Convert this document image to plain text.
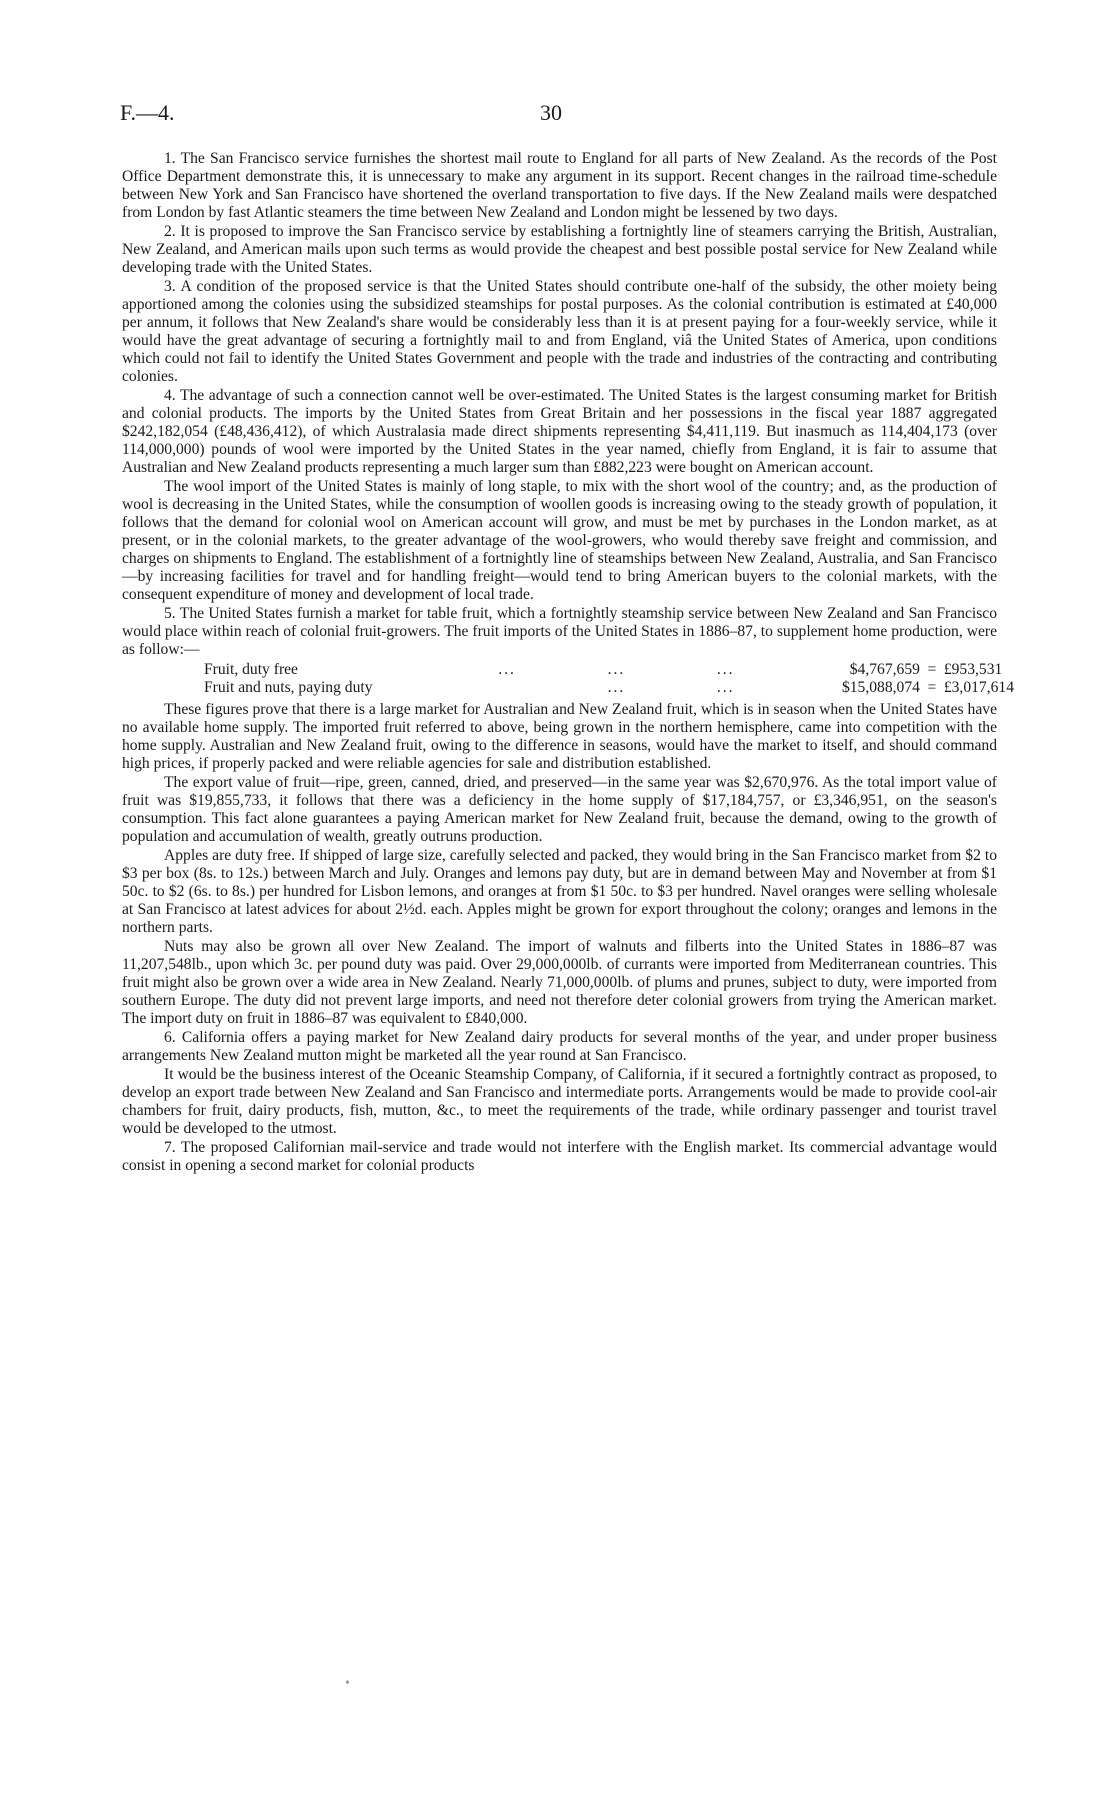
F.—4.	30

1. The San Francisco service furnishes the shortest mail route to England for all parts of New Zealand. As the records of the Post Office Department demonstrate this, it is unnecessary to make any argument in its support. Recent changes in the railroad time-schedule between New York and San Francisco have shortened the overland transportation to five days. If the New Zealand mails were despatched from London by fast Atlantic steamers the time between New Zealand and London might be lessened by two days.

2. It is proposed to improve the San Francisco service by establishing a fortnightly line of steamers carrying the British, Australian, New Zealand, and American mails upon such terms as would provide the cheapest and best possible postal service for New Zealand while developing trade with the United States.

3. A condition of the proposed service is that the United States should contribute one-half of the subsidy, the other moiety being apportioned among the colonies using the subsidized steamships for postal purposes. As the colonial contribution is estimated at £40,000 per annum, it follows that New Zealand's share would be considerably less than it is at present paying for a four-weekly service, while it would have the great advantage of securing a fortnightly mail to and from England, viâ the United States of America, upon conditions which could not fail to identify the United States Government and people with the trade and industries of the contracting and contributing colonies.

4. The advantage of such a connection cannot well be over-estimated. The United States is the largest consuming market for British and colonial products. The imports by the United States from Great Britain and her possessions in the fiscal year 1887 aggregated $242,182,054 (£48,436,412), of which Australasia made direct shipments representing $4,411,119. But inasmuch as 114,404,173 (over 114,000,000) pounds of wool were imported by the United States in the year named, chiefly from England, it is fair to assume that Australian and New Zealand products representing a much larger sum than £882,223 were bought on American account.

The wool import of the United States is mainly of long staple, to mix with the short wool of the country; and, as the production of wool is decreasing in the United States, while the consumption of woollen goods is increasing owing to the steady growth of population, it follows that the demand for colonial wool on American account will grow, and must be met by purchases in the London market, as at present, or in the colonial markets, to the greater advantage of the wool-growers, who would thereby save freight and commission, and charges on shipments to England. The establishment of a fortnightly line of steamships between New Zealand, Australia, and San Francisco—by increasing facilities for travel and for handling freight—would tend to bring American buyers to the colonial markets, with the consequent expenditure of money and development of local trade.

5. The United States furnish a market for table fruit, which a fortnightly steamship service between New Zealand and San Francisco would place within reach of colonial fruit-growers. The fruit imports of the United States in 1886–87, to supplement home production, were as follow:—

Fruit, duty free	...	...	...	$4,767,659	=	£953,531
Fruit and nuts, paying duty		...	...	$15,088,074	=	£3,017,614

These figures prove that there is a large market for Australian and New Zealand fruit, which is in season when the United States have no available home supply. The imported fruit referred to above, being grown in the northern hemisphere, came into competition with the home supply. Australian and New Zealand fruit, owing to the difference in seasons, would have the market to itself, and should command high prices, if properly packed and were reliable agencies for sale and distribution established.

The export value of fruit—ripe, green, canned, dried, and preserved—in the same year was $2,670,976. As the total import value of fruit was $19,855,733, it follows that there was a deficiency in the home supply of $17,184,757, or £3,346,951, on the season's consumption. This fact alone guarantees a paying American market for New Zealand fruit, because the demand, owing to the growth of population and accumulation of wealth, greatly outruns production.

Apples are duty free. If shipped of large size, carefully selected and packed, they would bring in the San Francisco market from $2 to $3 per box (8s. to 12s.) between March and July. Oranges and lemons pay duty, but are in demand between May and November at from $1 50c. to $2 (6s. to 8s.) per hundred for Lisbon lemons, and oranges at from $1 50c. to $3 per hundred. Navel oranges were selling wholesale at San Francisco at latest advices for about 2½d. each. Apples might be grown for export throughout the colony; oranges and lemons in the northern parts.

Nuts may also be grown all over New Zealand. The import of walnuts and filberts into the United States in 1886–87 was 11,207,548lb., upon which 3c. per pound duty was paid. Over 29,000,000lb. of currants were imported from Mediterranean countries. This fruit might also be grown over a wide area in New Zealand. Nearly 71,000,000lb. of plums and prunes, subject to duty, were imported from southern Europe. The duty did not prevent large imports, and need not therefore deter colonial growers from trying the American market. The import duty on fruit in 1886–87 was equivalent to £840,000.

6. California offers a paying market for New Zealand dairy products for several months of the year, and under proper business arrangements New Zealand mutton might be marketed all the year round at San Francisco.

It would be the business interest of the Oceanic Steamship Company, of California, if it secured a fortnightly contract as proposed, to develop an export trade between New Zealand and San Francisco and intermediate ports. Arrangements would be made to provide cool-air chambers for fruit, dairy products, fish, mutton, &c., to meet the requirements of the trade, while ordinary passenger and tourist travel would be developed to the utmost.

7. The proposed Californian mail-service and trade would not interfere with the English market. Its commercial advantage would consist in opening a second market for colonial products

•
